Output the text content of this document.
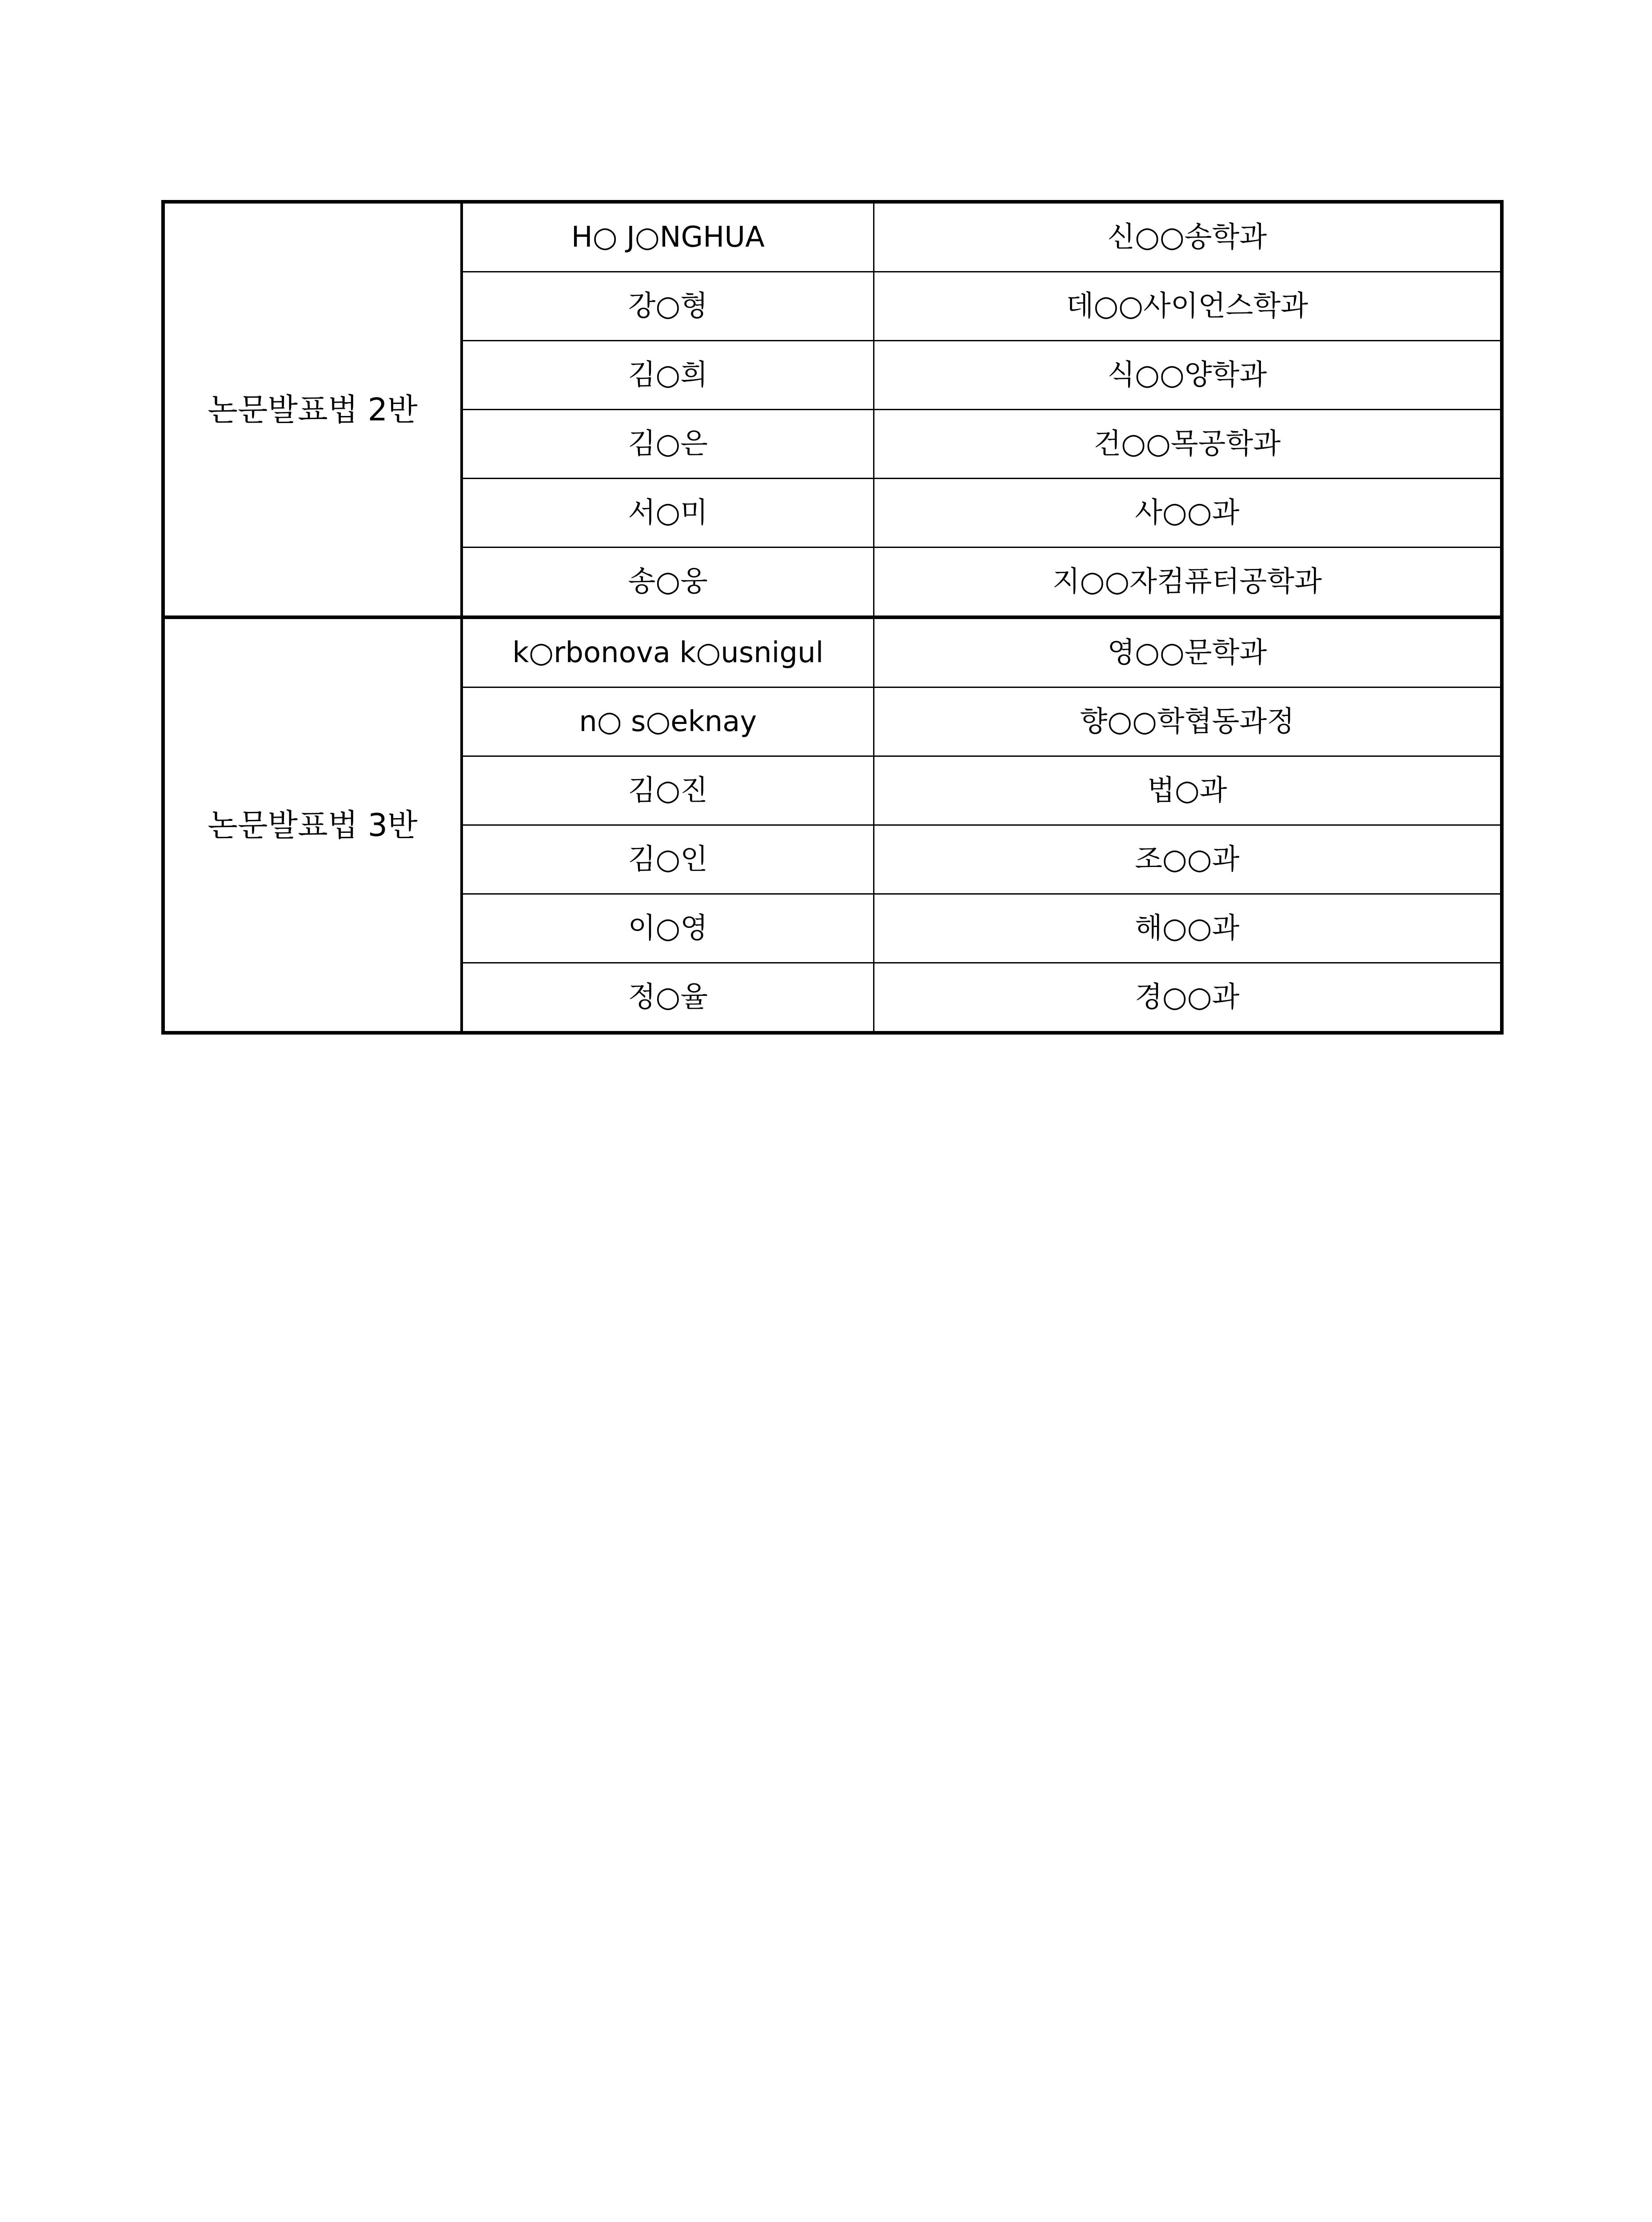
논문발표법 2반	H○ J○NGHUA	신○○송학과
	강○형	데○○사이언스학과
	김○희	식○○양학과
	김○은	건○○목공학과
	서○미	사○○과
	송○웅	지○○자컴퓨터공학과
논문발표법 3반	k○rbonova k○usnigul	영○○문학과
	n○ s○eknay	향○○학협동과정
	김○진	법○과
	김○인	조○○과
	이○영	해○○과
	정○율	경○○과
